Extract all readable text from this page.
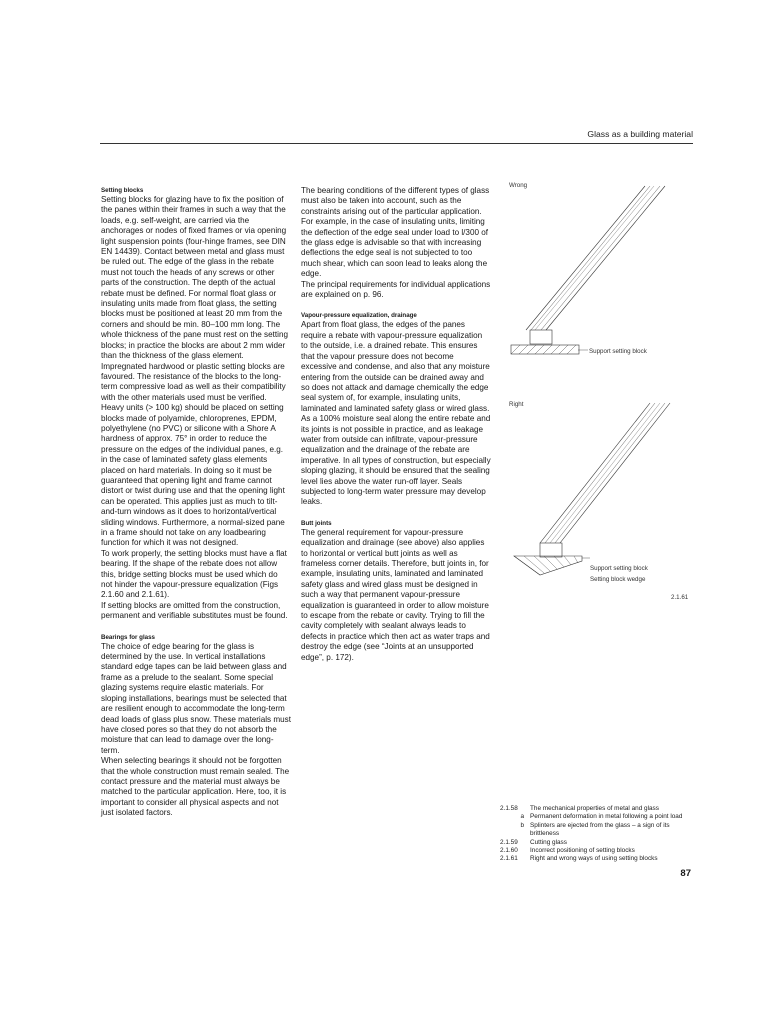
Glass as a building material
Setting blocks

Setting blocks for glazing have to fix the position of the panes within their frames in such a way that the loads, e.g. self-weight, are carried via the anchorages or nodes of fixed frames or via opening light suspension points (four-hinge frames, see DIN EN 14439). Contact between metal and glass must be ruled out. The edge of the glass in the rebate must not touch the heads of any screws or other parts of the construction. The depth of the actual rebate must be defined. For normal float glass or insulating units made from float glass, the setting blocks must be positioned at least 20 mm from the corners and should be min. 80–100 mm long. The whole thickness of the pane must rest on the setting blocks; in practice the blocks are about 2 mm wider than the thickness of the glass element. Impregnated hardwood or plastic setting blocks are favoured. The resistance of the blocks to the long-term compressive load as well as their compatibility with the other materials used must be verified.

Heavy units (> 100 kg) should be placed on setting blocks made of polyamide, chloroprenes, EPDM, polyethylene (no PVC) or silicone with a Shore A hardness of approx. 75° in order to reduce the pressure on the edges of the individual panes, e.g. in the case of laminated safety glass elements placed on hard materials. In doing so it must be guaranteed that opening light and frame cannot distort or twist during use and that the opening light can be operated. This applies just as much to tilt-and-turn windows as it does to horizontal/vertical sliding windows. Furthermore, a normal-sized pane in a frame should not take on any loadbearing function for which it was not designed.

To work properly, the setting blocks must have a flat bearing. If the shape of the rebate does not allow this, bridge setting blocks must be used which do not hinder the vapour-pressure equalization (Figs 2.1.60 and 2.1.61).

If setting blocks are omitted from the construction, permanent and verifiable substitutes must be found.

Bearings for glass

The choice of edge bearing for the glass is determined by the use. In vertical installations standard edge tapes can be laid between glass and frame as a prelude to the sealant. Some special glazing systems require elastic materials. For sloping installations, bearings must be selected that are resilient enough to accommodate the long-term dead loads of glass plus snow. These materials must have closed pores so that they do not absorb the moisture that can lead to damage over the long-term.

When selecting bearings it should not be forgotten that the whole construction must remain sealed. The contact pressure and the material must always be matched to the particular application. Here, too, it is important to consider all physical aspects and not just isolated factors.

The bearing conditions of the different types of glass must also be taken into account, such as the constraints arising out of the particular application. For example, in the case of insulating units, limiting the deflection of the edge seal under load to l/300 of the glass edge is advisable so that with increasing deflections the edge seal is not subjected to too much shear, which can soon lead to leaks along the edge.

The principal requirements for individual applications are explained on p. 96.

Vapour-pressure equalization, drainage

Apart from float glass, the edges of the panes require a rebate with vapour-pressure equalization to the outside, i.e. a drained rebate. This ensures that the vapour pressure does not become excessive and condense, and also that any moisture entering from the outside can be drained away and so does not attack and damage chemically the edge seal system of, for example, insulating units, laminated and laminated safety glass or wired glass. As a 100% moisture seal along the entire rebate and its joints is not possible in practice, and as leakage water from outside can infiltrate, vapour-pressure equalization and the drainage of the rebate are imperative. In all types of construction, but especially sloping glazing, it should be ensured that the sealing level lies above the water run-off layer. Seals subjected to long-term water pressure may develop leaks.

Butt joints

The general requirement for vapour-pressure equalization and drainage (see above) also applies to horizontal or vertical butt joints as well as frameless corner details. Therefore, butt joints in, for example, insulating units, laminated and laminated safety glass and wired glass must be designed in such a way that permanent vapour-pressure equalization is guaranteed in order to allow moisture to escape from the rebate or cavity. Trying to fill the cavity completely with sealant always leads to defects in practice which then act as water traps and destroy the edge (see “Joints at an unsupported edge”, p. 172).

Wrong
Support setting block
Right
Support setting block
Setting block wedge
2.1.61
2.1.58	The mechanical properties of metal and glass
a Permanent deformation in metal following a point load
b Splinters are ejected from the glass – a sign of its brittleness
2.1.59	Cutting glass
2.1.60	Incorrect positioning of setting blocks
2.1.61	Right and wrong ways of using setting blocks
87
